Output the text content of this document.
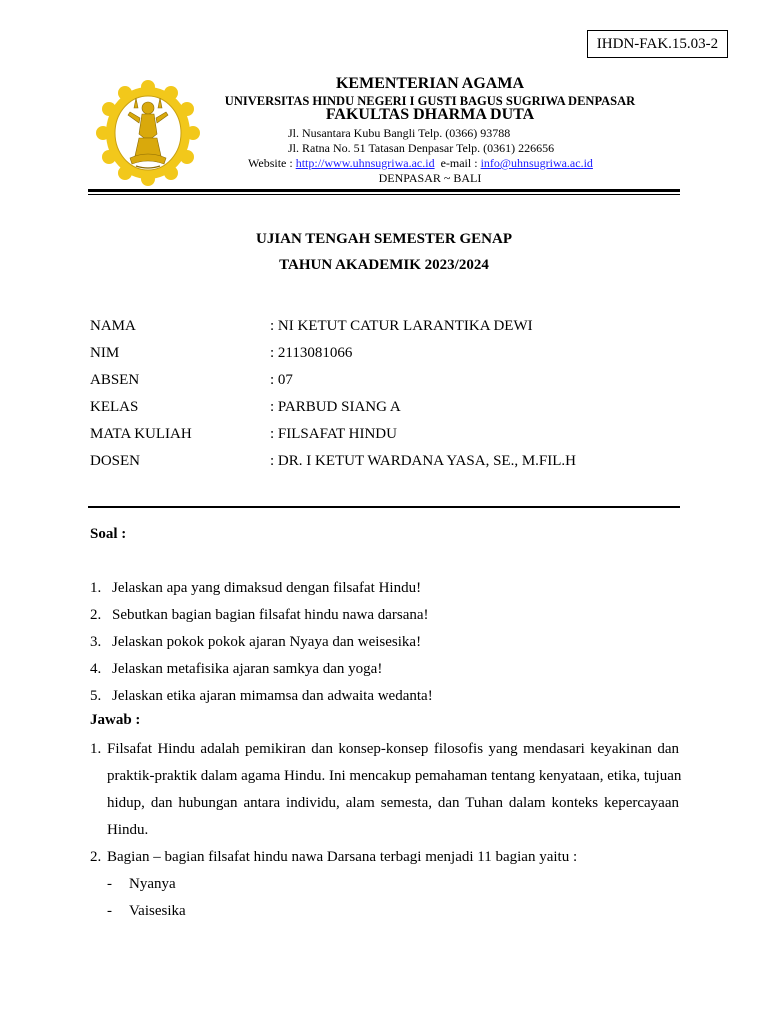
IHDN-FAK.15.03-2
KEMENTERIAN AGAMA
UNIVERSITAS HINDU NEGERI I GUSTI BAGUS SUGRIWA DENPASAR
FAKULTAS DHARMA DUTA
Jl. Nusantara Kubu Bangli Telp. (0366) 93788
Jl. Ratna No. 51 Tatasan Denpasar Telp. (0361) 226656
Website : http://www.uhnsugriwa.ac.id  e-mail : info@uhnsugriwa.ac.id
DENPASAR ~ BALI
UJIAN TENGAH SEMESTER GENAP
TAHUN AKADEMIK 2023/2024
NAMA	: NI KETUT CATUR LARANTIKA DEWI
NIM	: 2113081066
ABSEN	: 07
KELAS	: PARBUD SIANG A
MATA KULIAH	: FILSAFAT HINDU
DOSEN	: DR. I KETUT WARDANA YASA, SE., M.FIL.H
Soal :
1. Jelaskan apa yang dimaksud dengan filsafat Hindu!
2. Sebutkan bagian bagian filsafat hindu nawa darsana!
3. Jelaskan pokok pokok ajaran Nyaya dan weisesika!
4. Jelaskan metafisika ajaran samkya dan yoga!
5. Jelaskan etika ajaran mimamsa dan adwaita wedanta!
Jawab :
1. Filsafat Hindu adalah pemikiran dan konsep-konsep filosofis yang mendasari keyakinan dan
praktik-praktik dalam agama Hindu. Ini mencakup pemahaman tentang kenyataan, etika, tujuan
hidup, dan hubungan antara individu, alam semesta, dan Tuhan dalam konteks kepercayaan
Hindu.
2. Bagian – bagian filsafat hindu nawa Darsana terbagi menjadi 11 bagian yaitu :
- Nyanya
- Vaisesika
